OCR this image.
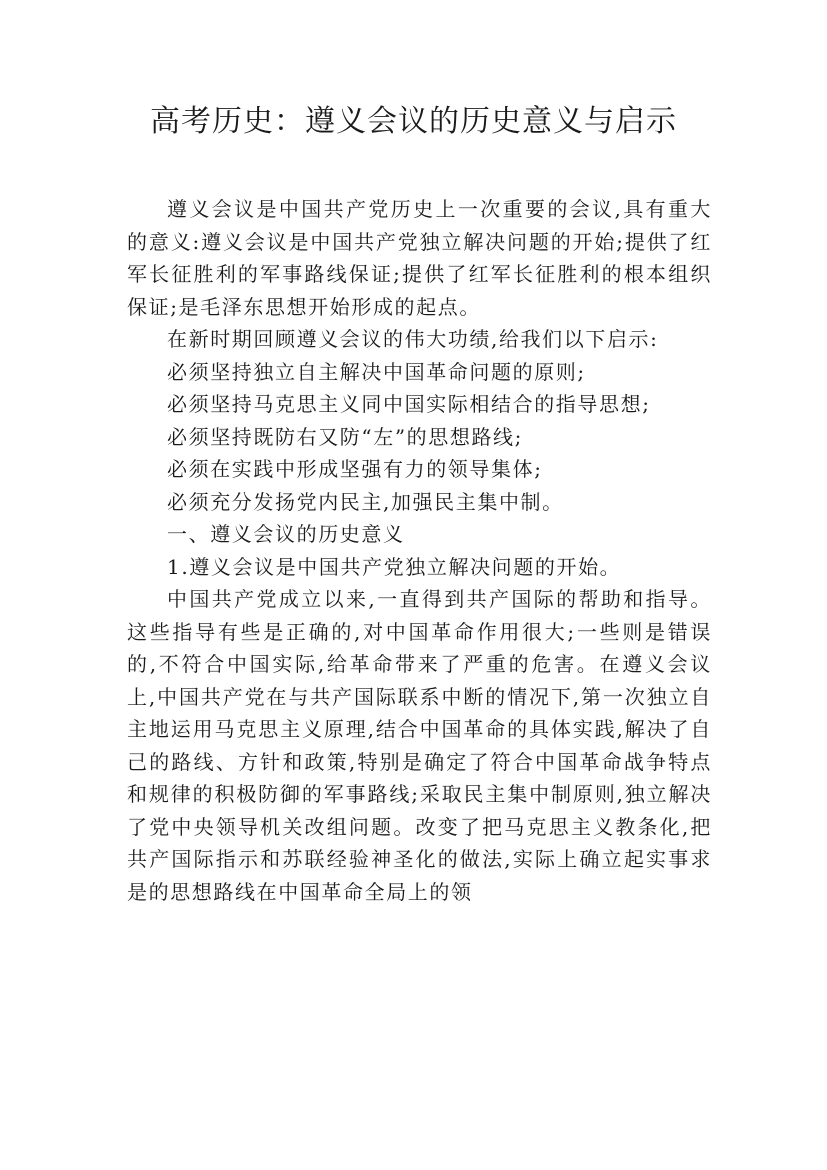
高考历史：遵义会议的历史意义与启示

遵义会议是中国共产党历史上一次重要的会议,具有重大的意义:遵义会议是中国共产党独立解决问题的开始;提供了红军长征胜利的军事路线保证;提供了红军长征胜利的根本组织保证;是毛泽东思想开始形成的起点。

在新时期回顾遵义会议的伟大功绩,给我们以下启示:

必须坚持独立自主解决中国革命问题的原则;

必须坚持马克思主义同中国实际相结合的指导思想;

必须坚持既防右又防“左”的思想路线;

必须在实践中形成坚强有力的领导集体;

必须充分发扬党内民主,加强民主集中制。

一、遵义会议的历史意义

1.遵义会议是中国共产党独立解决问题的开始。

中国共产党成立以来,一直得到共产国际的帮助和指导。这些指导有些是正确的,对中国革命作用很大;一些则是错误的,不符合中国实际,给革命带来了严重的危害。在遵义会议上,中国共产党在与共产国际联系中断的情况下,第一次独立自主地运用马克思主义原理,结合中国革命的具体实践,解决了自己的路线、方针和政策,特别是确定了符合中国革命战争特点和规律的积极防御的军事路线;采取民主集中制原则,独立解决了党中央领导机关改组问题。改变了把马克思主义教条化,把共产国际指示和苏联经验神圣化的做法,实际上确立起实事求是的思想路线在中国革命全局上的领
